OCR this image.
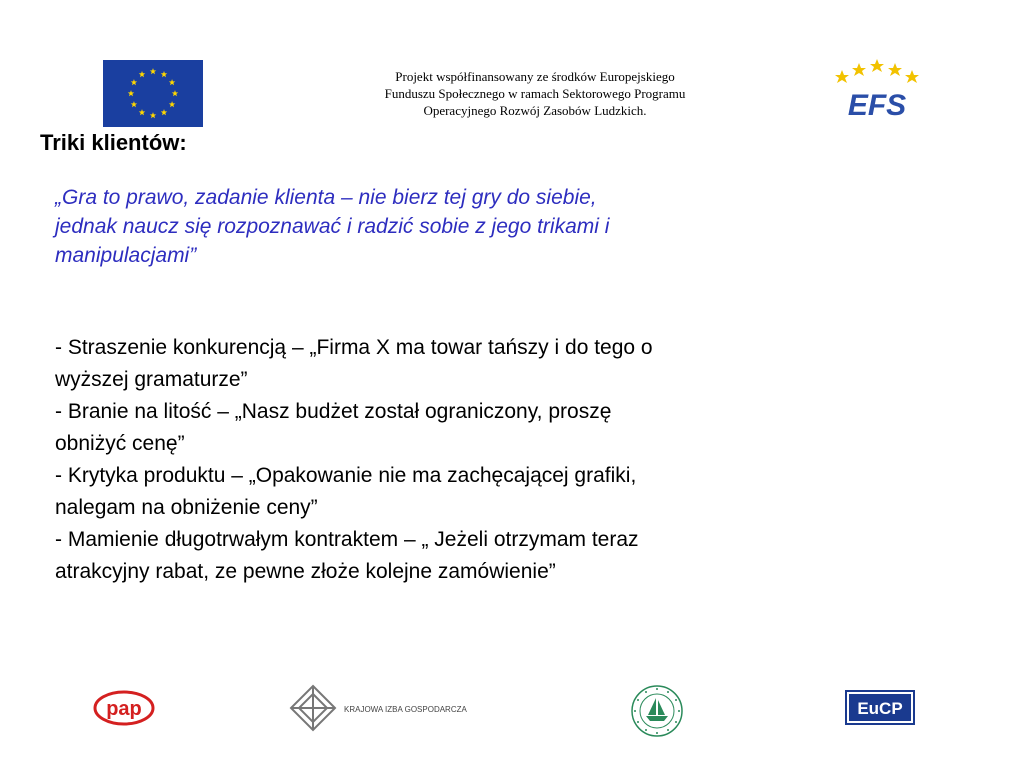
Projekt współfinansowany ze środków Europejskiego
Funduszu Społecznego w ramach Sektorowego Programu
Operacyjnego Rozwój Zasobów Ludzkich.	EFS
Triki klientów:
„Gra to prawo, zadanie klienta – nie bierz tej gry do siebie,
jednak naucz się rozpoznawać i radzić sobie z jego trikami i
manipulacjami”
- Straszenie konkurencją – „Firma X ma towar tańszy i do tego o
wyższej gramaturze”
- Branie na litość – „Nasz budżet został ograniczony, proszę
obniżyć cenę”
- Krytyka produktu – „Opakowanie nie ma zachęcającej grafiki,
nalegam na obniżenie ceny”
- Mamienie długotrwałym kontraktem – „ Jeżeli otrzymam teraz
atrakcyjny rabat, ze pewne złoże kolejne zamówienie”
pap	KRAJOWA IZBA GOSPODARCZA	EuCP
